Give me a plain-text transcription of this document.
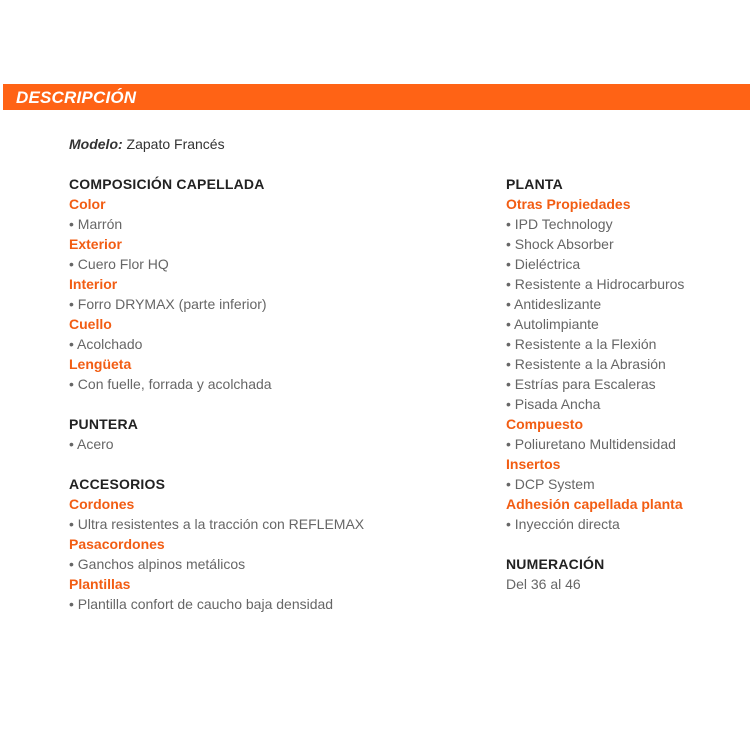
DESCRIPCIÓN
Modelo: Zapato Francés
COMPOSICIÓN CAPELLADA
Color
• Marrón
Exterior
• Cuero Flor HQ
Interior
• Forro DRYMAX (parte inferior)
Cuello
• Acolchado
Lengüeta
• Con fuelle, forrada y acolchada
PUNTERA
• Acero
ACCESORIOS
Cordones
• Ultra resistentes a la tracción con REFLEMAX
Pasacordones
• Ganchos alpinos metálicos
Plantillas
• Plantilla confort de caucho baja densidad
PLANTA
Otras Propiedades
• IPD Technology
• Shock Absorber
• Dieléctrica
• Resistente a Hidrocarburos
• Antideslizante
• Autolimpiante
• Resistente a la Flexión
• Resistente a la Abrasión
• Estrías para Escaleras
• Pisada Ancha
Compuesto
• Poliuretano Multidensidad
Insertos
• DCP System
Adhesión capellada planta
• Inyección directa
NUMERACIÓN
Del 36 al 46
